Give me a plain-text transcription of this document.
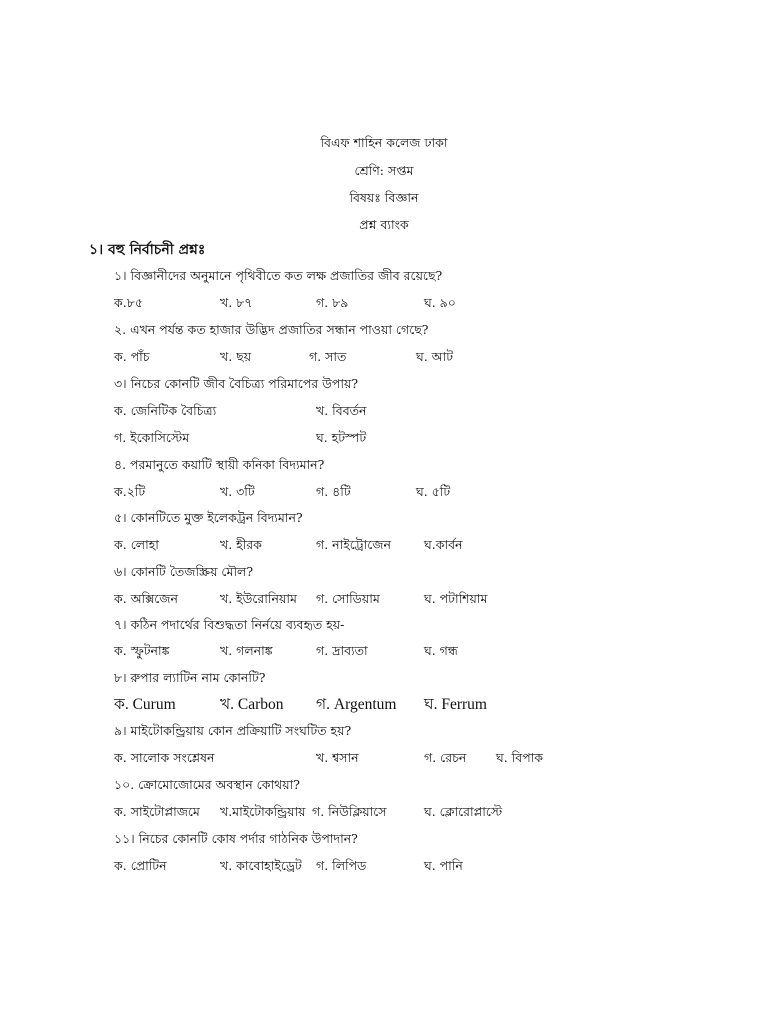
বিএফ শাহিন কলেজ ঢাকা
শ্রেণি: সপ্তম
বিষয়ঃ বিজ্ঞান
প্রশ্ন ব্যাংক
১। বহু নির্বাচনী প্রশ্নঃ
১। বিজ্ঞানীদের অনুমানে পৃথিবীতে কত লক্ষ প্রজাতির জীব রয়েছে?
ক.৮৫	খ. ৮৭	গ. ৮৯	ঘ. ৯০
২. এখন পর্যন্ত কত হাজার উদ্ভিদ প্রজাতির সন্ধান পাওয়া গেছে?
ক. পাঁচ	খ. ছয়	গ. সাত	ঘ. আট
৩। নিচের কোনটি জীব বৈচিত্র্য পরিমাপের উপায়?
ক. জেনিটিক বৈচিত্র্য	খ. বিবর্তন
গ. ইকোসিস্টেম	ঘ. হটস্পট
৪. পরমানুতে কয়াটি স্থায়ী কনিকা বিদ্যমান?
ক.২টি	খ. ৩টি	গ. ৪টি	ঘ. ৫টি
৫। কোনটিতে মুক্ত ইলেকট্রন বিদ্যমান?
ক. লোহা	খ. হীরক	গ. নাইট্রোজেন	ঘ.কার্বন
৬। কোনটি তৈজস্ক্রিয় মৌল?
ক. অক্সিজেন	খ. ইউরোনিয়াম গ. সোডিয়াম	ঘ. পটাশিয়াম
৭। কঠিন পদার্থের বিশুদ্ধতা নির্নয়ে ব্যবহৃত হয়-
ক. স্ফুটনাঙ্ক	খ. গলনাঙ্ক	গ. দ্রাব্যতা	ঘ. গন্ধ
৮। রুপার ল্যাটিন নাম কোনটি?
ক. Curum	খ. Carbon গ. Argentum ঘ. Ferrum
৯। মাইটোকন্ড্রিয়ায় কোন প্রক্রিয়াটি সংঘটিত হয়?
ক. সালোক সংশ্লেষন	খ. শ্বসান	গ. রেচন ঘ. বিপাক
১০. ক্রোমোজোমের অবস্থান কোথয়া?
ক. সাইটোপ্লাজমে খ.মাইটোকন্ড্রিয়ায় গ. নিউক্লিয়াসে	ঘ. ক্লোরোপ্লাস্টে
১১। নিচের কোনটি কোষ পর্দার গাঠনিক উপাদান?
ক. প্রোটিন	খ. কাবোহাইড্রেট গ. লিপিড	ঘ. পানি
